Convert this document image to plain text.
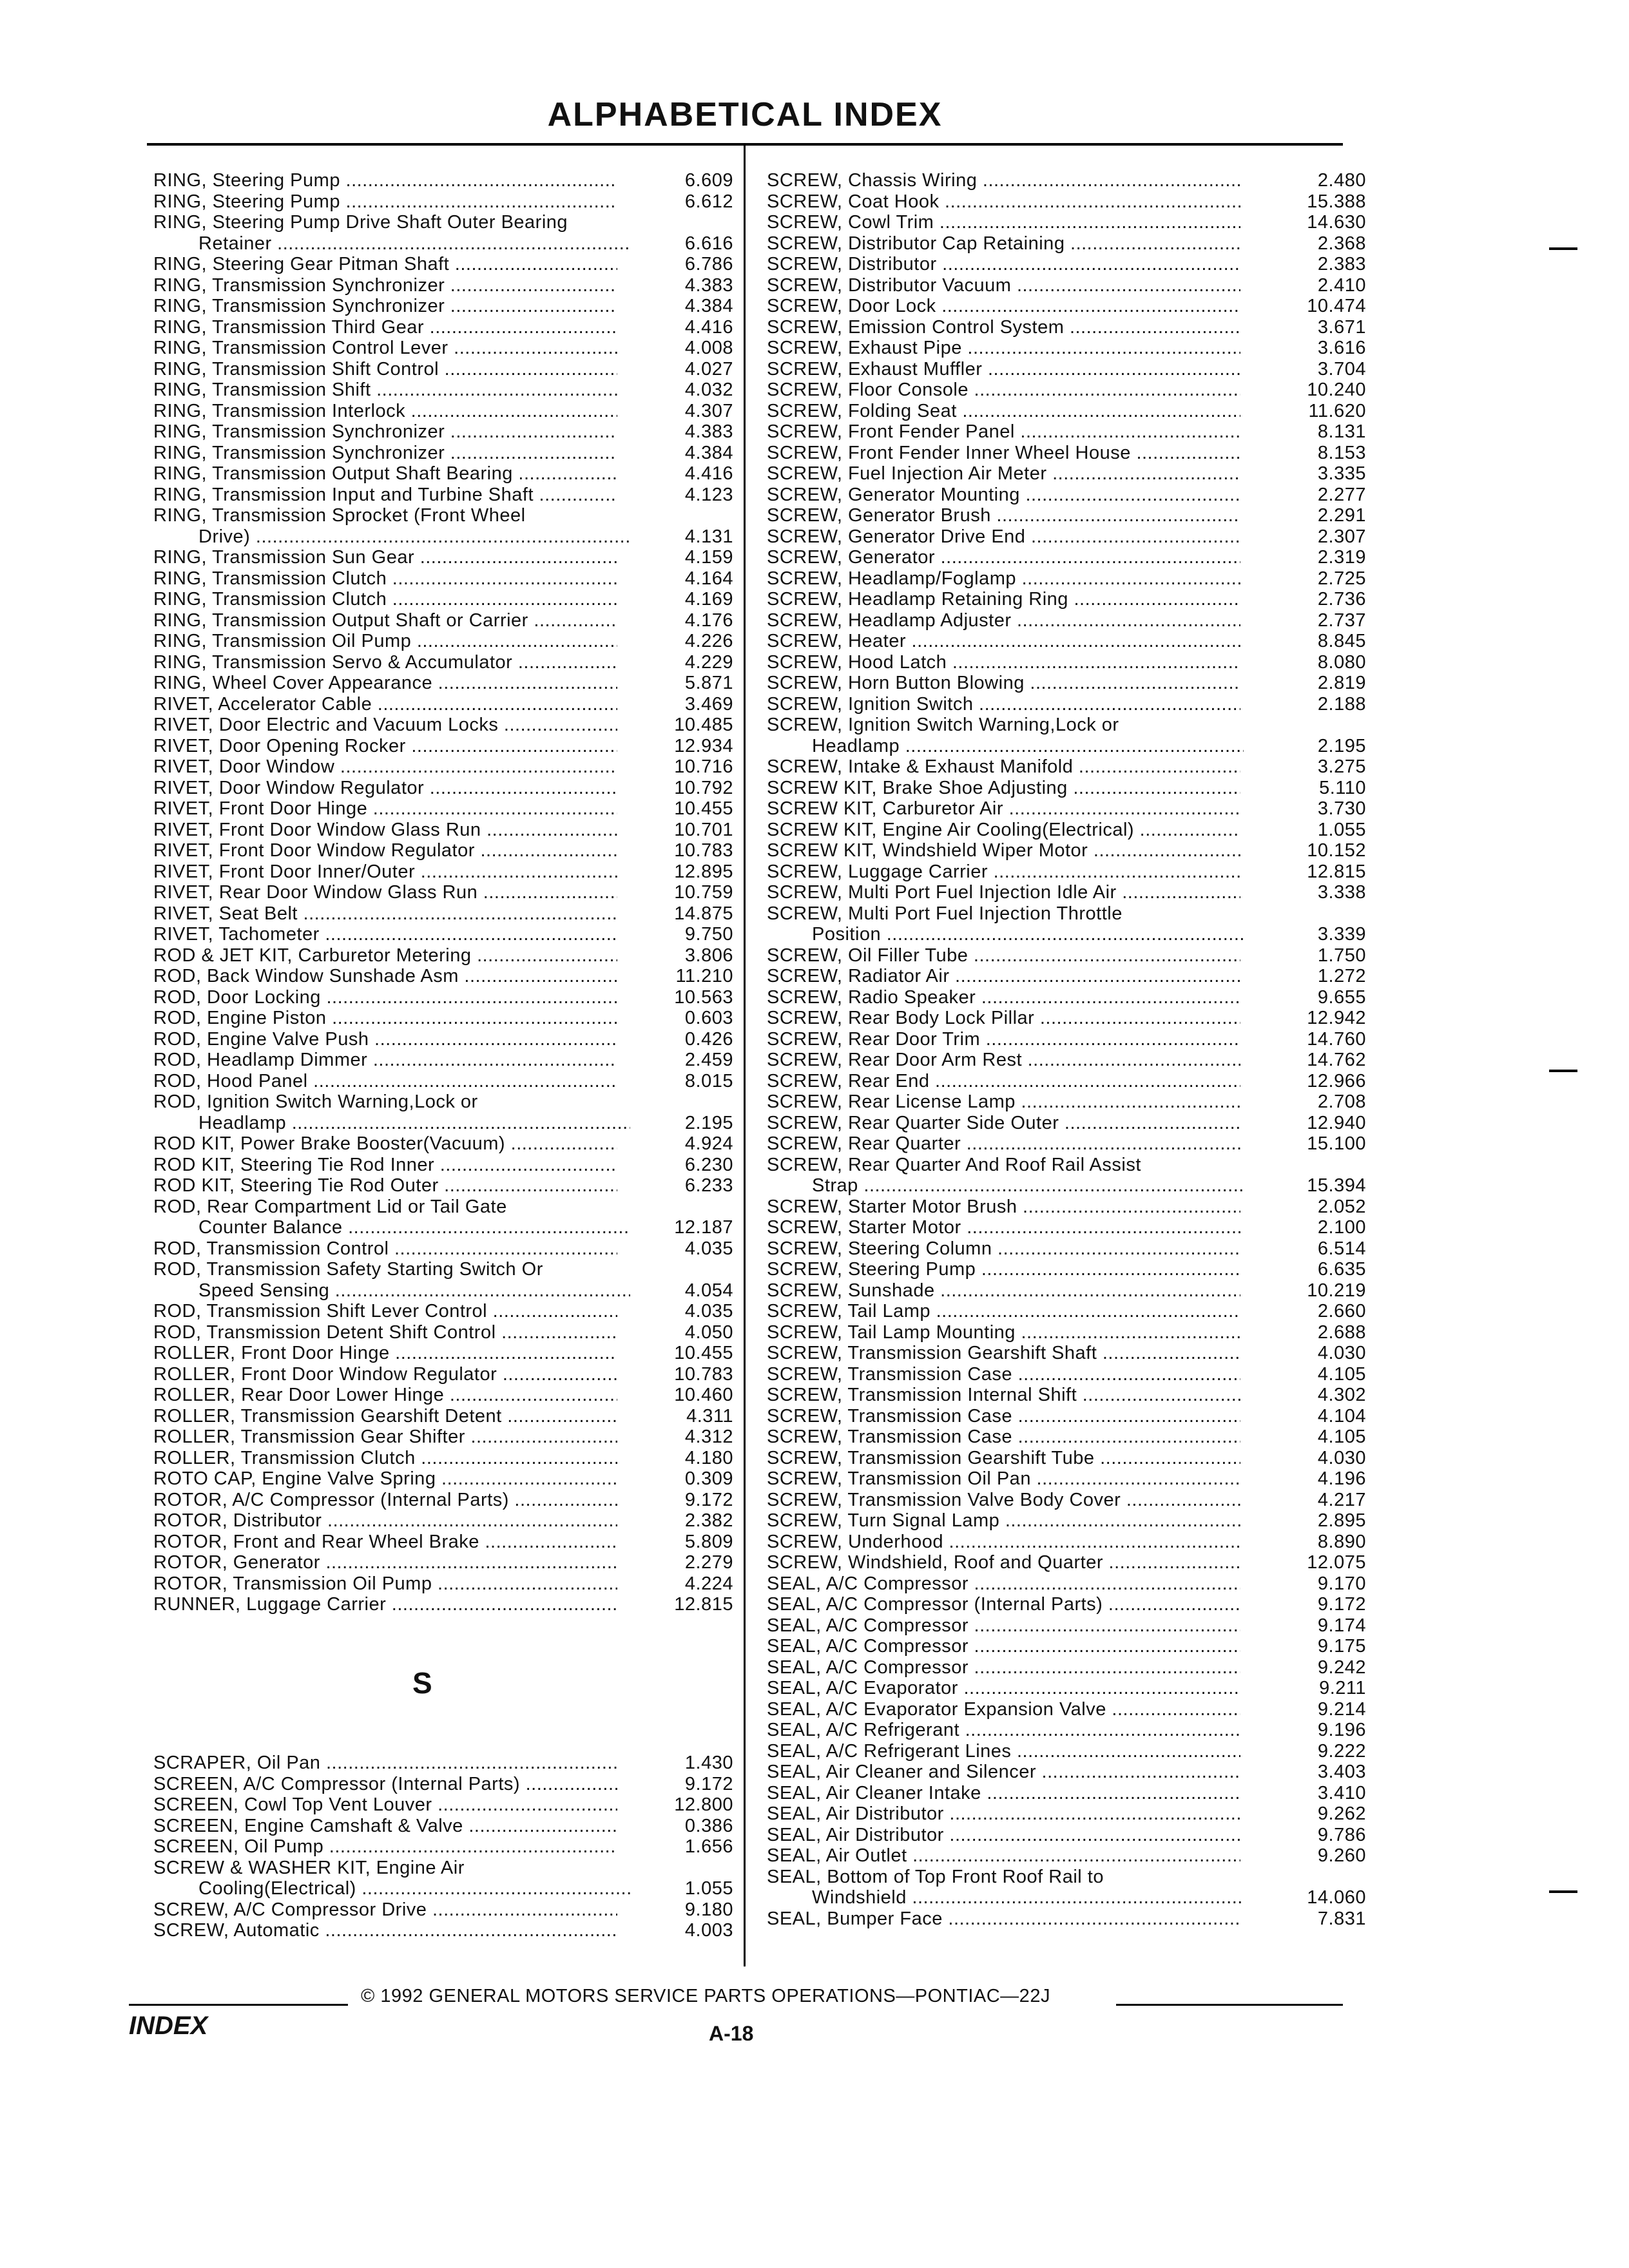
ALPHABETICAL INDEX
RING, Steering Pump .....	6.609
RING, Steering Pump .....	6.612
RING, Steering Pump Drive Shaft Outer Bearing
Retainer .....	6.616
RING, Steering Gear Pitman Shaft .....	6.786
RING, Transmission Synchronizer .....	4.383
RING, Transmission Synchronizer .....	4.384
RING, Transmission Third Gear .....	4.416
RING, Transmission Control Lever .....	4.008
RING, Transmission Shift Control .....	4.027
RING, Transmission Shift .....	4.032
RING, Transmission Interlock .....	4.307
RING, Transmission Synchronizer .....	4.383
RING, Transmission Synchronizer .....	4.384
RING, Transmission Output Shaft Bearing .....	4.416
RING, Transmission Input and Turbine Shaft .....	4.123
RING, Transmission Sprocket (Front Wheel
Drive) .....	4.131
RING, Transmission Sun Gear .....	4.159
RING, Transmission Clutch .....	4.164
RING, Transmission Clutch .....	4.169
RING, Transmission Output Shaft or Carrier .....	4.176
RING, Transmission Oil Pump .....	4.226
RING, Transmission Servo & Accumulator .....	4.229
RING, Wheel Cover Appearance .....	5.871
RIVET, Accelerator Cable .....	3.469
RIVET, Door Electric and Vacuum Locks .....	10.485
RIVET, Door Opening Rocker .....	12.934
RIVET, Door Window .....	10.716
RIVET, Door Window Regulator .....	10.792
RIVET, Front Door Hinge .....	10.455
RIVET, Front Door Window Glass Run .....	10.701
RIVET, Front Door Window Regulator .....	10.783
RIVET, Front Door Inner/Outer .....	12.895
RIVET, Rear Door Window Glass Run .....	10.759
RIVET, Seat Belt .....	14.875
RIVET, Tachometer .....	9.750
ROD & JET KIT, Carburetor Metering .....	3.806
ROD, Back Window Sunshade Asm .....	11.210
ROD, Door Locking .....	10.563
ROD, Engine Piston .....	0.603
ROD, Engine Valve Push .....	0.426
ROD, Headlamp Dimmer .....	2.459
ROD, Hood Panel .....	8.015
ROD, Ignition Switch Warning,Lock or
Headlamp .....	2.195
ROD KIT, Power Brake Booster(Vacuum) .....	4.924
ROD KIT, Steering Tie Rod Inner .....	6.230
ROD KIT, Steering Tie Rod Outer .....	6.233
ROD, Rear Compartment Lid or Tail Gate
Counter Balance .....	12.187
ROD, Transmission Control .....	4.035
ROD, Transmission Safety Starting Switch Or
Speed Sensing .....	4.054
ROD, Transmission Shift Lever Control .....	4.035
ROD, Transmission Detent Shift Control .....	4.050
ROLLER, Front Door Hinge .....	10.455
ROLLER, Front Door Window Regulator .....	10.783
ROLLER, Rear Door Lower Hinge .....	10.460
ROLLER, Transmission Gearshift Detent .....	4.311
ROLLER, Transmission Gear Shifter .....	4.312
ROLLER, Transmission Clutch .....	4.180
ROTO CAP, Engine Valve Spring .....	0.309
ROTOR, A/C Compressor (Internal Parts) .....	9.172
ROTOR, Distributor .....	2.382
ROTOR, Front and Rear Wheel Brake .....	5.809
ROTOR, Generator .....	2.279
ROTOR, Transmission Oil Pump .....	4.224
RUNNER, Luggage Carrier .....	12.815
S
SCRAPER, Oil Pan .....	1.430
SCREEN, A/C Compressor (Internal Parts) .....	9.172
SCREEN, Cowl Top Vent Louver .....	12.800
SCREEN, Engine Camshaft & Valve .....	0.386
SCREEN, Oil Pump .....	1.656
SCREW & WASHER KIT, Engine Air
Cooling(Electrical) .....	1.055
SCREW, A/C Compressor Drive .....	9.180
SCREW, Automatic .....	4.003
SCREW, Chassis Wiring .....	2.480
SCREW, Coat Hook .....	15.388
SCREW, Cowl Trim .....	14.630
SCREW, Distributor Cap Retaining .....	2.368
SCREW, Distributor .....	2.383
SCREW, Distributor Vacuum .....	2.410
SCREW, Door Lock .....	10.474
SCREW, Emission Control System .....	3.671
SCREW, Exhaust Pipe .....	3.616
SCREW, Exhaust Muffler .....	3.704
SCREW, Floor Console .....	10.240
SCREW, Folding Seat .....	11.620
SCREW, Front Fender Panel .....	8.131
SCREW, Front Fender Inner Wheel House .....	8.153
SCREW, Fuel Injection Air Meter .....	3.335
SCREW, Generator Mounting .....	2.277
SCREW, Generator Brush .....	2.291
SCREW, Generator Drive End .....	2.307
SCREW, Generator .....	2.319
SCREW, Headlamp/Foglamp .....	2.725
SCREW, Headlamp Retaining Ring .....	2.736
SCREW, Headlamp Adjuster .....	2.737
SCREW, Heater .....	8.845
SCREW, Hood Latch .....	8.080
SCREW, Horn Button Blowing .....	2.819
SCREW, Ignition Switch .....	2.188
SCREW, Ignition Switch Warning,Lock or
Headlamp .....	2.195
SCREW, Intake & Exhaust Manifold .....	3.275
SCREW KIT, Brake Shoe Adjusting .....	5.110
SCREW KIT, Carburetor Air .....	3.730
SCREW KIT, Engine Air Cooling(Electrical) .....	1.055
SCREW KIT, Windshield Wiper Motor .....	10.152
SCREW, Luggage Carrier .....	12.815
SCREW, Multi Port Fuel Injection Idle Air .....	3.338
SCREW, Multi Port Fuel Injection Throttle
Position .....	3.339
SCREW, Oil Filler Tube .....	1.750
SCREW, Radiator Air .....	1.272
SCREW, Radio Speaker .....	9.655
SCREW, Rear Body Lock Pillar .....	12.942
SCREW, Rear Door Trim .....	14.760
SCREW, Rear Door Arm Rest .....	14.762
SCREW, Rear End .....	12.966
SCREW, Rear License Lamp .....	2.708
SCREW, Rear Quarter Side Outer .....	12.940
SCREW, Rear Quarter .....	15.100
SCREW, Rear Quarter And Roof Rail Assist
Strap .....	15.394
SCREW, Starter Motor Brush .....	2.052
SCREW, Starter Motor .....	2.100
SCREW, Steering Column .....	6.514
SCREW, Steering Pump .....	6.635
SCREW, Sunshade .....	10.219
SCREW, Tail Lamp .....	2.660
SCREW, Tail Lamp Mounting .....	2.688
SCREW, Transmission Gearshift Shaft .....	4.030
SCREW, Transmission Case .....	4.105
SCREW, Transmission Internal Shift .....	4.302
SCREW, Transmission Case .....	4.104
SCREW, Transmission Case .....	4.105
SCREW, Transmission Gearshift Tube .....	4.030
SCREW, Transmission Oil Pan .....	4.196
SCREW, Transmission Valve Body Cover .....	4.217
SCREW, Turn Signal Lamp .....	2.895
SCREW, Underhood .....	8.890
SCREW, Windshield, Roof and Quarter .....	12.075
SEAL, A/C Compressor .....	9.170
SEAL, A/C Compressor (Internal Parts) .....	9.172
SEAL, A/C Compressor .....	9.174
SEAL, A/C Compressor .....	9.175
SEAL, A/C Compressor .....	9.242
SEAL, A/C Evaporator .....	9.211
SEAL, A/C Evaporator Expansion Valve .....	9.214
SEAL, A/C Refrigerant .....	9.196
SEAL, A/C Refrigerant Lines .....	9.222
SEAL, Air Cleaner and Silencer .....	3.403
SEAL, Air Cleaner Intake .....	3.410
SEAL, Air Distributor .....	9.262
SEAL, Air Distributor .....	9.786
SEAL, Air Outlet .....	9.260
SEAL, Bottom of Top Front Roof Rail to
Windshield .....	14.060
SEAL, Bumper Face .....	7.831
© 1992 GENERAL MOTORS SERVICE PARTS OPERATIONS—PONTIAC—22J
INDEX	A-18
